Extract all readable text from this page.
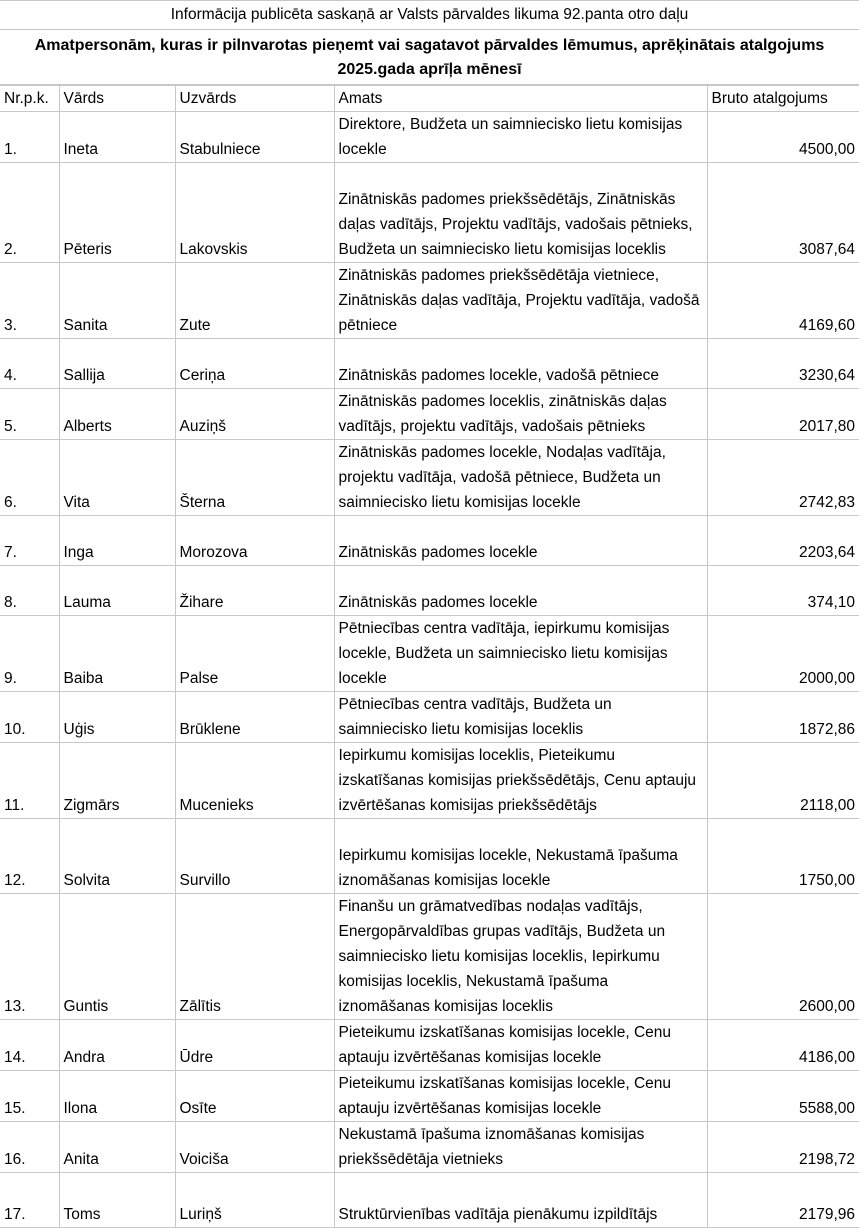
Informācija publicēta saskaņā ar Valsts pārvaldes likuma 92.panta otro daļu
Amatpersonām, kuras ir pilnvarotas pieņemt vai sagatavot pārvaldes lēmumus, aprēķinātais atalgojums
2025.gada aprīļa mēnesī
Nr.p.k.	Vārds	Uzvārds	Amats	Bruto atalgojums
1.	Ineta	Stabulniece	Direktore, Budžeta un saimniecisko lietu komisijas locekle	4500,00
2.	Pēteris	Lakovskis	Zinātniskās padomes priekšsēdētājs, Zinātniskās daļas vadītājs, Projektu vadītājs, vadošais pētnieks, Budžeta un saimniecisko lietu komisijas loceklis	3087,64
3.	Sanita	Zute	Zinātniskās padomes priekšsēdētāja vietniece, Zinātniskās daļas vadītāja, Projektu vadītāja, vadošā pētniece	4169,60
4.	Sallija	Ceriņa	Zinātniskās padomes locekle, vadošā pētniece	3230,64
5.	Alberts	Auziņš	Zinātniskās padomes loceklis, zinātniskās daļas vadītājs, projektu vadītājs, vadošais pētnieks	2017,80
6.	Vita	Šterna	Zinātniskās padomes locekle, Nodaļas vadītāja, projektu vadītāja, vadošā pētniece, Budžeta un saimniecisko lietu komisijas locekle	2742,83
7.	Inga	Morozova	Zinātniskās padomes locekle	2203,64
8.	Lauma	Žihare	Zinātniskās padomes locekle	374,10
9.	Baiba	Palse	Pētniecības centra vadītāja, iepirkumu komisijas locekle, Budžeta un saimniecisko lietu komisijas locekle	2000,00
10.	Uģis	Brūklene	Pētniecības centra vadītājs, Budžeta un saimniecisko lietu komisijas loceklis	1872,86
11.	Zigmārs	Mucenieks	Iepirkumu komisijas loceklis, Pieteikumu izskatīšanas komisijas priekšsēdētājs, Cenu aptauju izvērtēšanas komisijas priekšsēdētājs	2118,00
12.	Solvita	Survillo	Iepirkumu komisijas locekle, Nekustamā īpašuma iznomāšanas komisijas locekle	1750,00
13.	Guntis	Zālītis	Finanšu un grāmatvedības nodaļas vadītājs, Energopārvaldības grupas vadītājs, Budžeta un saimniecisko lietu komisijas loceklis, Iepirkumu komisijas loceklis, Nekustamā īpašuma iznomāšanas komisijas loceklis	2600,00
14.	Andra	Ūdre	Pieteikumu izskatīšanas komisijas locekle, Cenu aptauju izvērtēšanas komisijas locekle	4186,00
15.	Ilona	Osīte	Pieteikumu izskatīšanas komisijas locekle, Cenu aptauju izvērtēšanas komisijas locekle	5588,00
16.	Anita	Voiciša	Nekustamā īpašuma iznomāšanas komisijas priekšsēdētāja vietnieks	2198,72
17.	Toms	Luriņš	Struktūrvienības vadītāja pienākumu izpildītājs	2179,96
